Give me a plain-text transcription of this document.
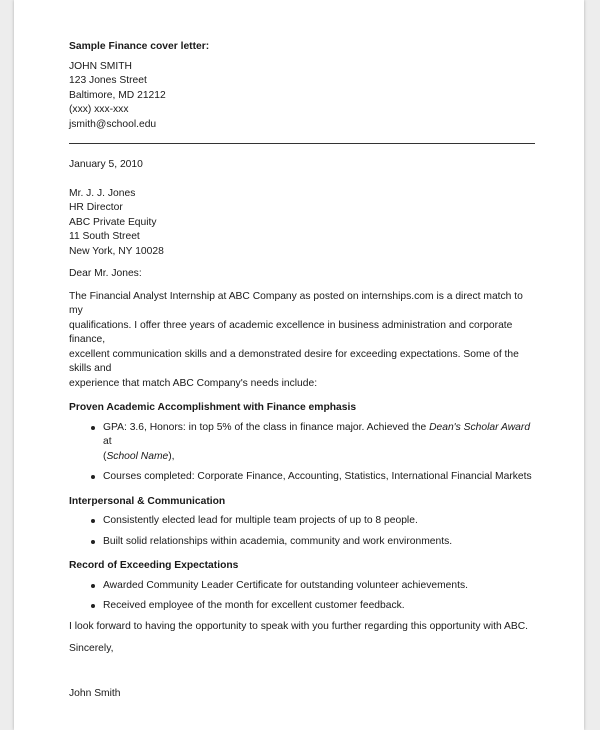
Sample Finance cover letter:
JOHN SMITH
123 Jones Street
Baltimore, MD 21212
(xxx) xxx-xxx
jsmith@school.edu
January 5, 2010
Mr. J. J. Jones
HR Director
ABC Private Equity
11 South Street
New York, NY 10028
Dear Mr. Jones:
The Financial Analyst Internship at ABC Company as posted on internships.com is a direct match to my
qualifications. I offer three years of academic excellence in business administration and corporate finance,
excellent communication skills and a demonstrated desire for exceeding expectations. Some of the skills and
experience that match ABC Company's needs include:
Proven Academic Accomplishment with Finance emphasis
GPA: 3.6, Honors: in top 5% of the class in finance major. Achieved the Dean's Scholar Award at
(School Name),
Courses completed: Corporate Finance, Accounting, Statistics, International Financial Markets
Interpersonal & Communication
Consistently elected lead for multiple team projects of up to 8 people.
Built solid relationships within academia, community and work environments.
Record of Exceeding Expectations
Awarded Community Leader Certificate for outstanding volunteer achievements.
Received employee of the month for excellent customer feedback.
I look forward to having the opportunity to speak with you further regarding this opportunity with ABC.
Sincerely,
John Smith
